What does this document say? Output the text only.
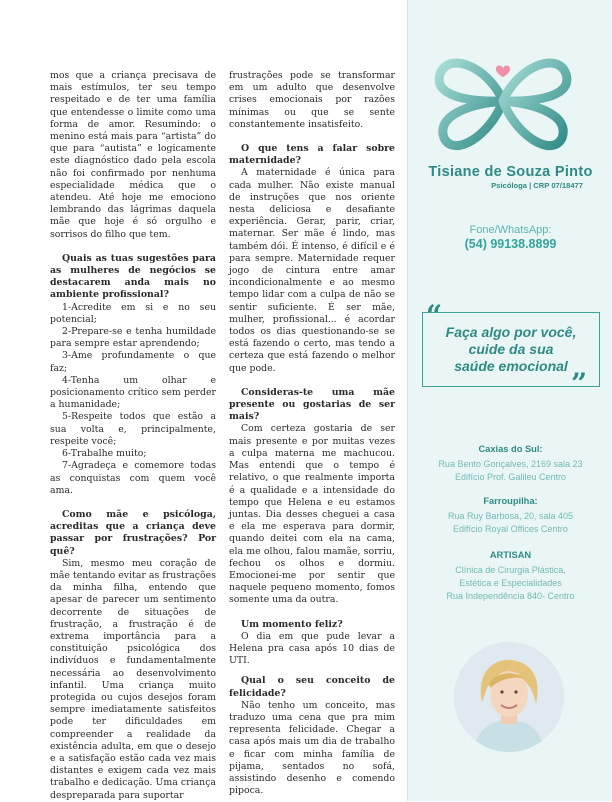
mos que a criança precisava de mais estímulos, ter seu tempo respeitado e de ter uma família que entendesse o limite como uma forma de amor. Resumindo: o menino está mais para “artista” do que para “autista” e logicamente este diagnóstico dado pela escola não foi confirmado por nenhuma especialidade médica que o atendeu. Até hoje me emociono lembrando das lágrimas daquela mãe que hoje é só orgulho e sorrisos do filho que tem.

Quais as tuas sugestões para as mulheres de negócios se destacarem anda mais no ambiente profissional?

1-Acredite em si e no seu potencial;

2-Prepare-se e tenha humildade para sempre estar aprendendo;

3-Ame profundamente o que faz;

4-Tenha um olhar e posicionamento crítico sem perder a humanidade;

5-Respeite todos que estão a sua volta e, principalmente, respeite você;

6-Trabalhe muito;

7-Agradeça e comemore todas as conquistas com quem você ama.

Como mãe e psicóloga, acreditas que a criança deve passar por frustrações? Por quê?

Sim, mesmo meu coração de mãe tentando evitar as frustrações da minha filha, entendo que apesar de parecer um sentimento decorrente de situações de frustração, a frustração é de extrema importância para a constituição psicológica dos indivíduos e fundamentalmente necessária ao desenvolvimento infantil. Uma criança muito protegida ou cujos desejos foram sempre imediatamente satisfeitos pode ter dificuldades em compreender a realidade da existência adulta, em que o desejo e a satisfação estão cada vez mais distantes e exigem cada vez mais trabalho e dedicação. Uma criança despreparada para suportar

frustrações pode se transformar em um adulto que desenvolve crises emocionais por razões mínimas ou que se sente constantemente insatisfeito.

O que tens a falar sobre maternidade?

A maternidade é única para cada mulher. Não existe manual de instruções que nos oriente nesta deliciosa e desafiante experiência. Gerar, parir, criar, maternar. Ser mãe é lindo, mas também dói. É intenso, é difícil e é para sempre. Maternidade requer jogo de cintura entre amar incondicionalmente e ao mesmo tempo lidar com a culpa de não se sentir suficiente. É ser mãe, mulher, profissional... é acordar todos os dias questionando-se se está fazendo o certo, mas tendo a certeza que está fazendo o melhor que pode.

Consideras-te uma mãe presente ou gostarias de ser mais?

Com certeza gostaria de ser mais presente e por muitas vezes a culpa materna me machucou. Mas entendi que o tempo é relativo, o que realmente importa é a qualidade e a intensidade do tempo que Helena e eu estamos juntas. Dia desses cheguei a casa e ela me esperava para dormir, quando deitei com ela na cama, ela me olhou, falou mamãe, sorriu, fechou os olhos e dormiu. Emocionei-me por sentir que naquele pequeno momento, fomos somente uma da outra.

Um momento feliz?

O dia em que pude levar a Helena pra casa após 10 dias de UTI.

Qual o seu conceito de felicidade?

Não tenho um conceito, mas traduzo uma cena que pra mim representa felicidade. Chegar a casa após mais um dia de trabalho e ficar com minha família de pijama, sentados no sofá, assistindo desenho e comendo pipoca.

Tisiane de Souza Pinto
Psicóloga | CRP 07/18477
Fone/WhatsApp:
(54) 99138.8899
Faça algo por você,
cuide da sua
saúde emocional
“
”
Caxias do Sul:
Rua Bento Gonçalves, 2169 sala 23
Edifício Prof. Galileu Centro
Farroupilha:
Rua Ruy Barbosa, 20, sala 405
Edifício Royal Offices Centro
ARTISAN
Clínica de Cirurgia Plástica,
Estética e Especialidades
Rua Independência 840- Centro
